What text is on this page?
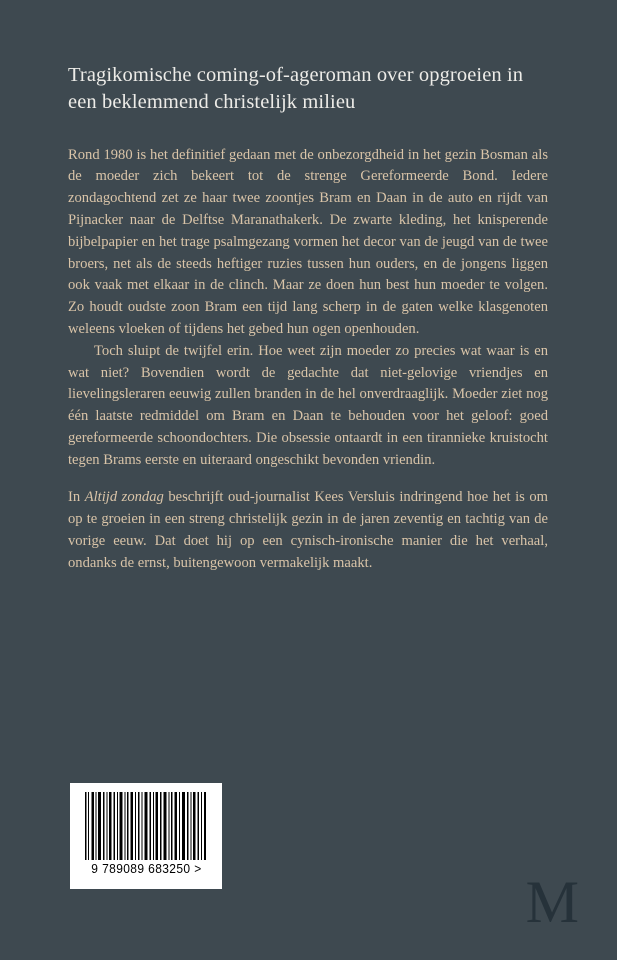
Tragikomische coming-of-ageroman over opgroeien in een beklemmend christelijk milieu

Rond 1980 is het definitief gedaan met de onbezorgdheid in het gezin Bosman als de moeder zich bekeert tot de strenge Gereformeerde Bond. Iedere zondagochtend zet ze haar twee zoontjes Bram en Daan in de auto en rijdt van Pijnacker naar de Delftse Maranathakerk. De zwarte kleding, het knisperende bijbelpapier en het trage psalmgezang vormen het decor van de jeugd van de twee broers, net als de steeds heftiger ruzies tussen hun ouders, en de jongens liggen ook vaak met elkaar in de clinch. Maar ze doen hun best hun moeder te volgen. Zo houdt oudste zoon Bram een tijd lang scherp in de gaten welke klasgenoten weleens vloeken of tijdens het gebed hun ogen openhouden.

Toch sluipt de twijfel erin. Hoe weet zijn moeder zo precies wat waar is en wat niet? Bovendien wordt de gedachte dat niet-gelovige vriendjes en lievelingsleraren eeuwig zullen branden in de hel onverdraaglijk. Moeder ziet nog één laatste redmiddel om Bram en Daan te behouden voor het geloof: goed gereformeerde schoondochters. Die obsessie ontaardt in een tirannieke kruistocht tegen Brams eerste en uiteraard ongeschikt bevonden vriendin.

In Altijd zondag beschrijft oud-journalist Kees Versluis indringend hoe het is om op te groeien in een streng christelijk gezin in de jaren zeventig en tachtig van de vorige eeuw. Dat doet hij op een cynisch-ironische manier die het verhaal, ondanks de ernst, buitengewoon vermakelijk maakt.

9 789089 683250 >	M
